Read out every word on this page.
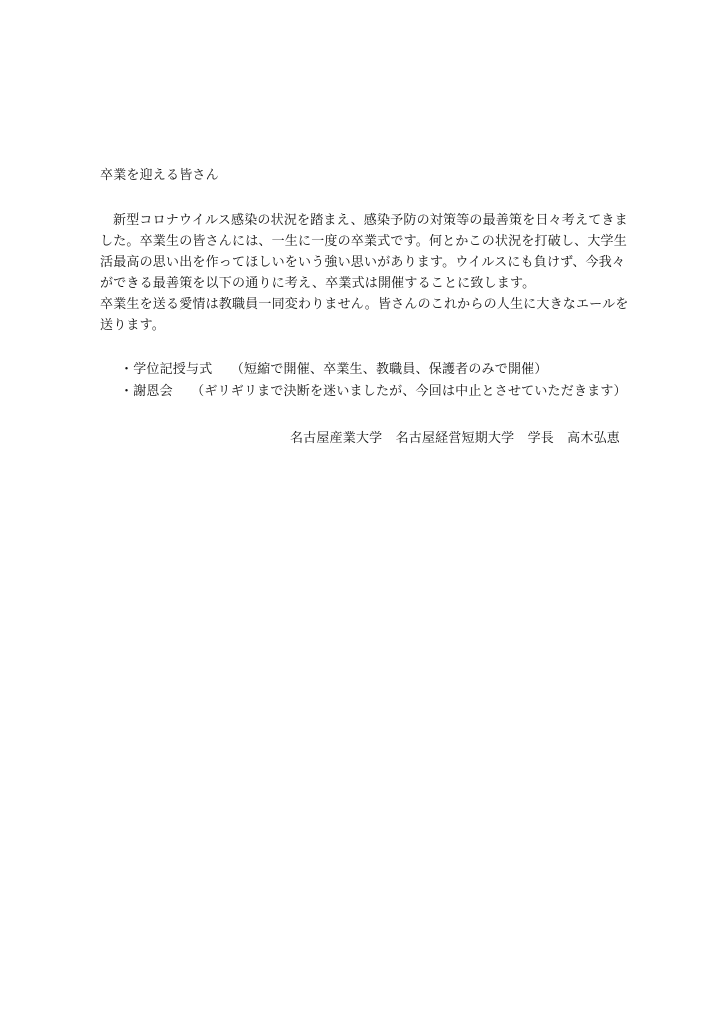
卒業を迎える皆さん
新型コロナウイルス感染の状況を踏まえ、感染予防の対策等の最善策を日々考えてきま
した。卒業生の皆さんには、一生に一度の卒業式です。何とかこの状況を打破し、大学生
活最高の思い出を作ってほしいをいう強い思いがあります。ウイルスにも負けず、今我々
ができる最善策を以下の通りに考え、卒業式は開催することに致します。
卒業生を送る愛情は教職員一同変わりません。皆さんのこれからの人生に大きなエールを
送ります。
・学位記授与式 （短縮で開催、卒業生、教職員、保護者のみで開催）
・謝恩会 （ギリギリまで決断を迷いましたが、今回は中止とさせていただきます）
名古屋産業大学　名古屋経営短期大学　学長　高木弘恵
